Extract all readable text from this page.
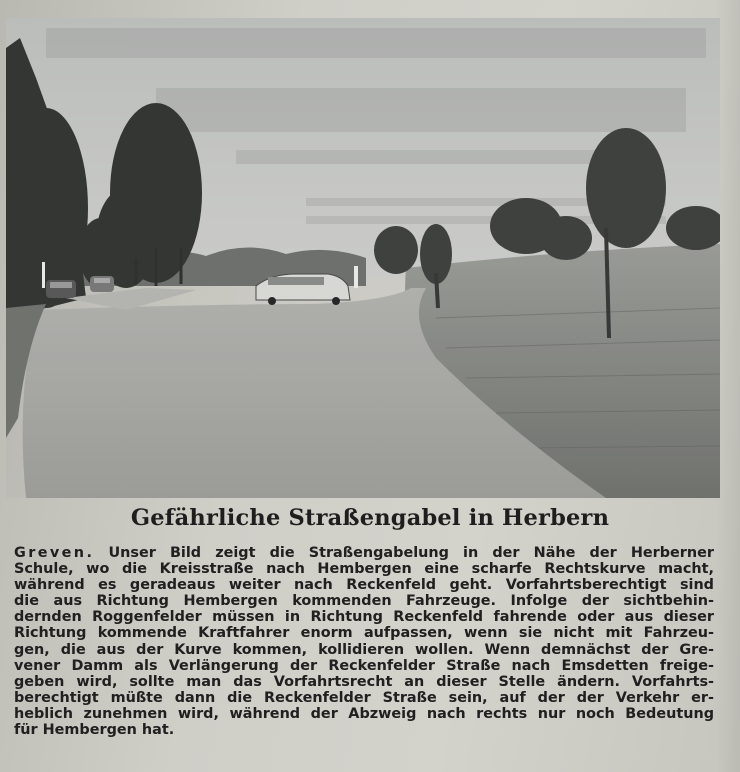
Gefährliche Straßengabel in Herbern
Greven. Unser Bild zeigt die Straßengabelung in der Nähe der Herberner
Schule, wo die Kreisstraße nach Hembergen eine scharfe Rechtskurve macht,
während es geradeaus weiter nach Reckenfeld geht. Vorfahrtsberechtigt sind
die aus Richtung Hembergen kommenden Fahrzeuge. Infolge der sichtbehin-
dernden Roggenfelder müssen in Richtung Reckenfeld fahrende oder aus dieser
Richtung kommende Kraftfahrer enorm aufpassen, wenn sie nicht mit Fahrzeu-
gen, die aus der Kurve kommen, kollidieren wollen. Wenn demnächst der Gre-
vener Damm als Verlängerung der Reckenfelder Straße nach Emsdetten freige-
geben wird, sollte man das Vorfahrtsrecht an dieser Stelle ändern. Vorfahrts-
berechtigt müßte dann die Reckenfelder Straße sein, auf der der Verkehr er-
heblich zunehmen wird, während der Abzweig nach rechts nur noch Bedeutung
für Hembergen hat.
